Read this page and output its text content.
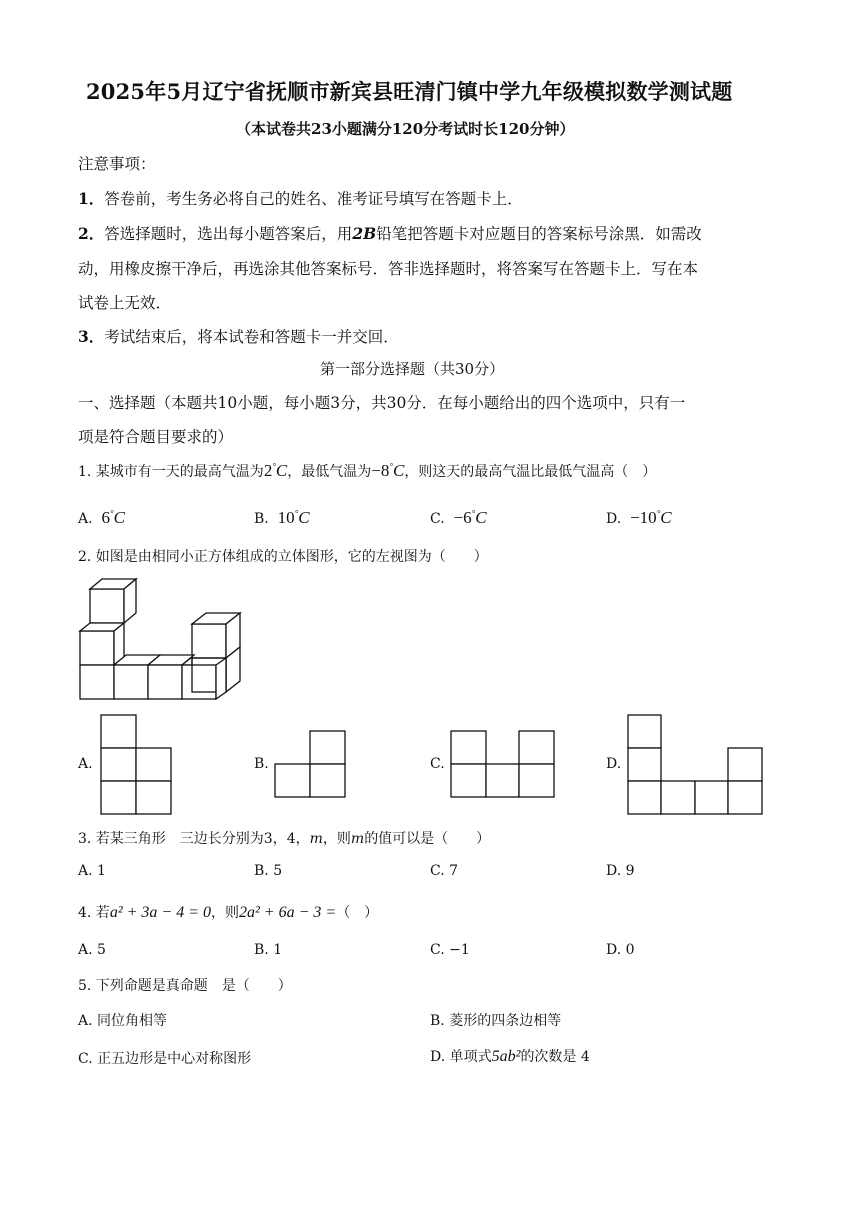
2025年5月辽宁省抚顺市新宾县旺清门镇中学九年级模拟数学测试题
（本试卷共23小题满分120分考试时长120分钟）
注意事项：
1．答卷前，考生务必将自己的姓名、准考证号填写在答题卡上．
2．答选择题时，选出每小题答案后，用2B铅笔把答题卡对应题目的答案标号涂黑．如需改
动，用橡皮擦干净后，再选涂其他答案标号．答非选择题时，将答案写在答题卡上．写在本
试卷上无效．
3．考试结束后，将本试卷和答题卡一并交回．
第一部分选择题（共30分）
一、选择题（本题共10小题，每小题3分，共30分．在每小题给出的四个选项中，只有一
项是符合题目要求的）
1. 某城市有一天的最高气温为2°C，最低气温为−8°C，则这天的最高气温比最低气温高（　）
A. 6°C	B. 10°C	C. −6°C	D. −10°C
2. 如图是由相同小正方体组成的立体图形，它的左视图为（　　）
A.	B.	C.	D.
3. 若某三角形　三边长分别为3，4，m，则m的值可以是（　　）
A. 1	B. 5	C. 7	D. 9
4. 若a² + 3a − 4 = 0，则2a² + 6a − 3 =（　）
A. 5	B. 1	C. −1	D. 0
5. 下列命题是真命题　是（　　）
A. 同位角相等	B. 菱形的四条边相等
C. 正五边形是中心对称图形	D. 单项式5ab²的次数是 4
